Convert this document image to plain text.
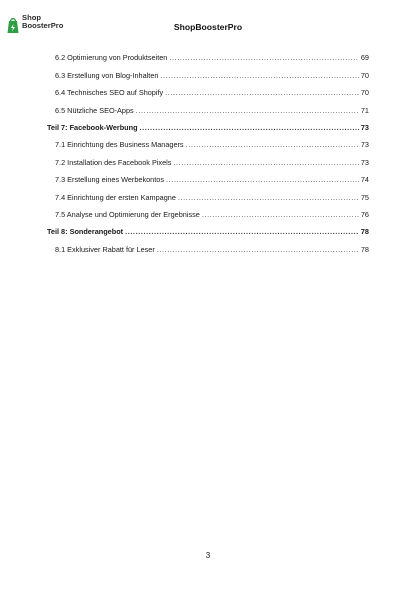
Shop
BoosterPro	ShopBoosterPro
6.2 Optimierung von Produktseiten .....	69
6.3 Erstellung von Blog-Inhalten .....	70
6.4 Technisches SEO auf Shopify .....	70
6.5 Nützliche SEO-Apps .....	71
Teil 7: Facebook-Werbung .....	73
7.1 Einrichtung des Business Managers .....	73
7.2 Installation des Facebook Pixels .....	73
7.3 Erstellung eines Werbekontos .....	74
7.4 Einrichtung der ersten Kampagne .....	75
7.5 Analyse und Optimierung der Ergebnisse .....	76
Teil 8: Sonderangebot .....	78
8.1 Exklusiver Rabatt für Leser .....	78
3
